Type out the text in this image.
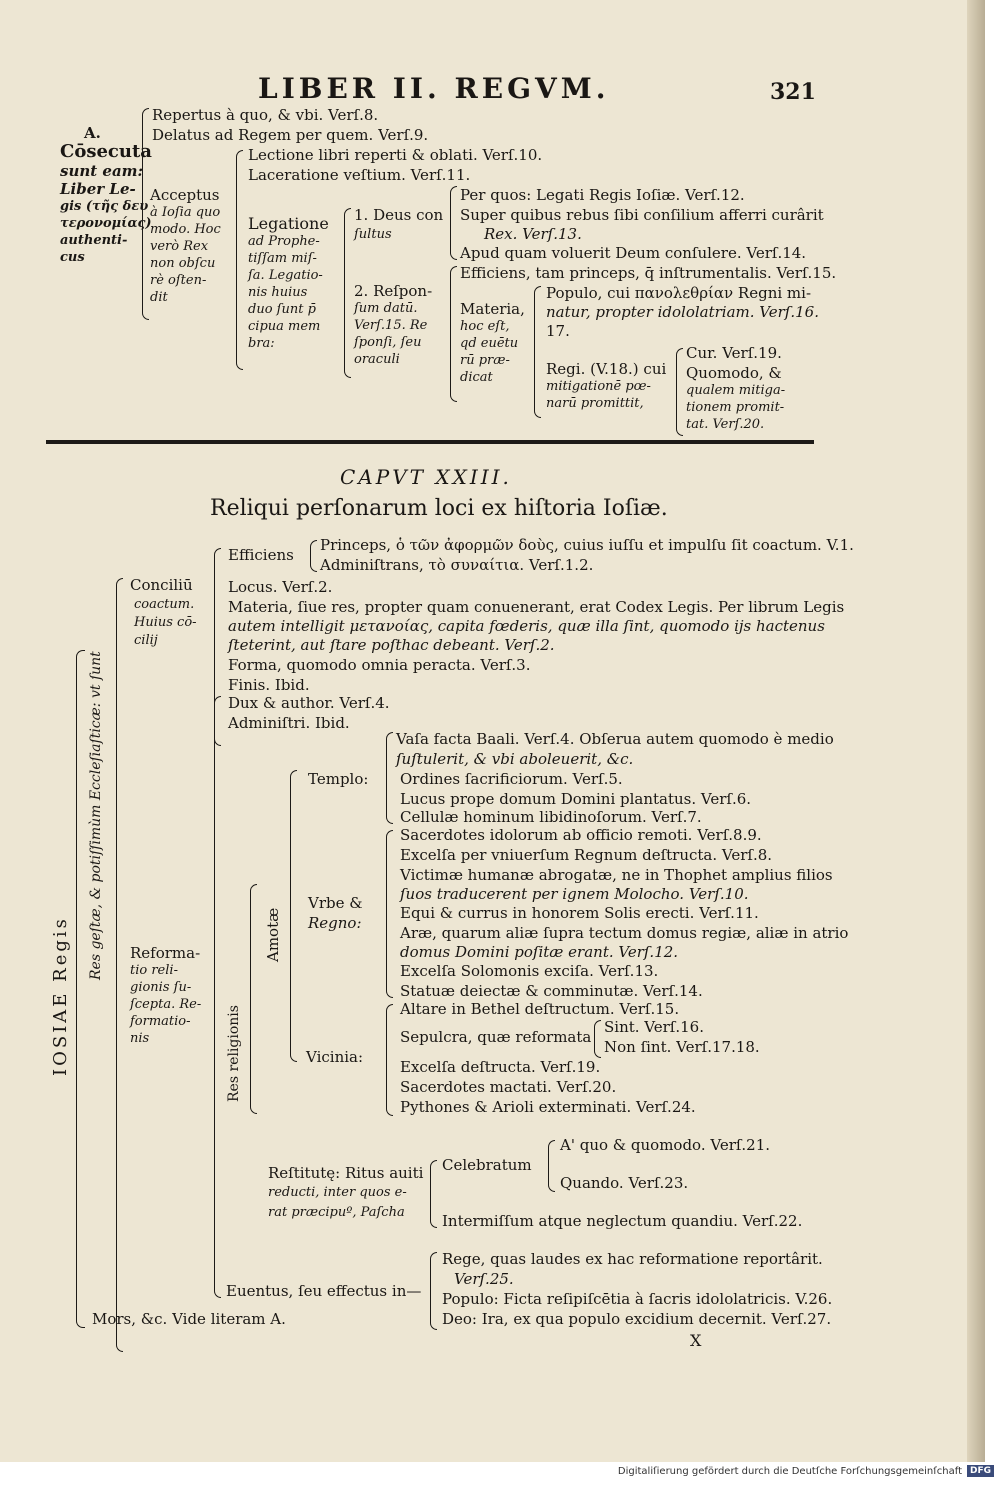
LIBER II. REGVM.	321
A.
Cōsecuta
sunt eam:
Liber Le-
gis (τῆς δευ
τερονομίας)
authenti-
cus
Repertus à quo, & vbi. Verſ.8.
Delatus ad Regem per quem. Verſ.9.
Acceptus
à Ioſia quo
modo. Hoc
verò Rex
non obſcu
rè oſten-
dit
Lectione libri reperti & oblati. Verſ.10.
Laceratione veſtium. Verſ.11.
Legatione
ad Prophe-
tiſſam miſ-
ſa. Legatio-
nis huius
duo ſunt p̄
cipua mem
bra:
1. Deus con
ſultus
Per quos: Legati Regis Ioſiæ. Verſ.12.
Super quibus rebus ſibi conſilium afferri curârit
Rex. Verſ.13.
Apud quam voluerit Deum conſulere. Verſ.14.
2. Reſpon-
ſum datū.
Verſ.15. Re
ſponſi, ſeu
oraculi
Efficiens, tam princeps, q̄ inſtrumentalis. Verſ.15.
Materia,
hoc eſt,
qd euētu
rū præ-
dicat
Populo, cui πανολεθρίαν Regni mi-
natur, propter idololatriam. Verſ.16.
17.
Regi. (V.18.) cui
mitigationē pœ-
narū promittit,
Cur. Verſ.19.
Quomodo, &
qualem mitiga-
tionem promit-
tat. Verſ.20.
CAPVT XXIII.
Reliqui perſonarum loci ex hiſtoria Ioſiæ.
IOSIAE Regis
Res geſtæ, & potiſſimùm Eccleſiaſticæ: vt ſunt
Conciliū
coactum.
Huius cō-
cilij
Efficiens
Princeps, ὁ τῶν ἀφορμῶν δοὺς, cuius iuſſu et impulſu ſit coactum. V.1.
Adminiſtrans, τὸ συναίτια. Verſ.1.2.
Locus. Verſ.2.
Materia, ſiue res, propter quam conuenerant, erat Codex Legis. Per librum Legis
autem intelligit μετανοίας, capita fœderis, quæ illa ſint, quomodo ijs hactenus
ſteterint, aut ſtare poſthac debeant. Verſ.2.
Forma, quomodo omnia peracta. Verſ.3.
Finis. Ibid.
Dux & author. Verſ.4.
Adminiſtri. Ibid.
Reforma-
tio reli-
gionis ſu-
ſcepta. Re-
formatio-
nis	Res religionis
Amotæ
Templo:
Vaſa facta Baali. Verſ.4. Obſerua autem quomodo è medio
ſuſtulerit, & vbi aboleuerit, &c.
Ordines ſacrificiorum. Verſ.5.
Lucus prope domum Domini plantatus. Verſ.6.
Cellulæ hominum libidinoſorum. Verſ.7.
Vrbe &
Regno:
Sacerdotes idolorum ab officio remoti. Verſ.8.9.
Excelſa per vniuerſum Regnum deſtructa. Verſ.8.
Victimæ humanæ abrogatæ, ne in Thophet amplius filios
ſuos traducerent per ignem Molocho. Verſ.10.
Equi & currus in honorem Solis erecti. Verſ.11.
Aræ, quarum aliæ ſupra tectum domus regiæ, aliæ in atrio
domus Domini poſitæ erant. Verſ.12.
Excelſa Solomonis exciſa. Verſ.13.
Statuæ deiectæ & comminutæ. Verſ.14.
Vicinia:
Altare in Bethel deſtructum. Verſ.15.
Sepulcra, quæ reformata
Sint. Verſ.16.
Non ſint. Verſ.17.18.
Excelſa deſtructa. Verſ.19.
Sacerdotes mactati. Verſ.20.
Pythones & Arioli exterminati. Verſ.24.
Reſtitutę: Ritus auiti
reducti, inter quos e-
rat præcipuº, Paſcha
Celebratum
A' quo & quomodo. Verſ.21.
Quando. Verſ.23.
Intermiſſum atque neglectum quandiu. Verſ.22.
Euentus, ſeu effectus in—
Rege, quas laudes ex hac reformatione reportârit.
Verſ.25.
Populo: Ficta reſipiſcētia à ſacris idololatricis. V.26.
Deo: Ira, ex qua populo excidium decernit. Verſ.27.
Mors, &c. Vide literam A.
X
Digitaliſierung gefördert durch die Deutſche Forſchungsgemeinſchaft DFG
